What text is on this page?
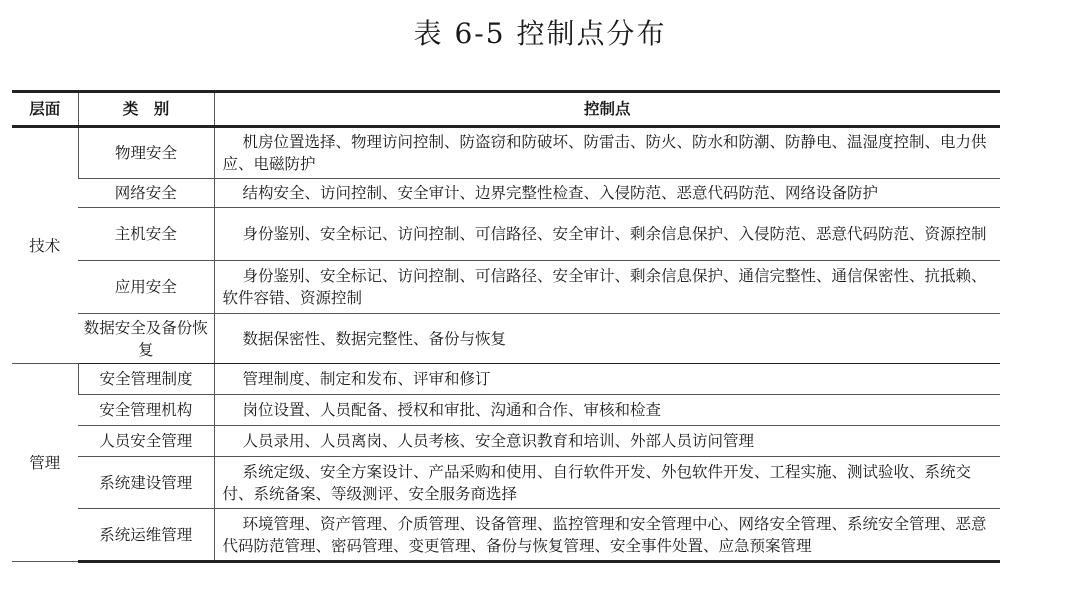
表 6-5 控制点分布
层面	类　别	控制点
技术	物理安全	机房位置选择、物理访问控制、防盗窃和防破坏、防雷击、防火、防水和防潮、防静电、温湿度控制、电力供应、电磁防护
	网络安全	结构安全、访问控制、安全审计、边界完整性检查、入侵防范、恶意代码防范、网络设备防护
	主机安全	身份鉴别、安全标记、访问控制、可信路径、安全审计、剩余信息保护、入侵防范、恶意代码防范、资源控制
	应用安全	身份鉴别、安全标记、访问控制、可信路径、安全审计、剩余信息保护、通信完整性、通信保密性、抗抵赖、软件容错、资源控制
	数据安全及备份恢复	数据保密性、数据完整性、备份与恢复
管理	安全管理制度	管理制度、制定和发布、评审和修订
	安全管理机构	岗位设置、人员配备、授权和审批、沟通和合作、审核和检查
	人员安全管理	人员录用、人员离岗、人员考核、安全意识教育和培训、外部人员访问管理
	系统建设管理	系统定级、安全方案设计、产品采购和使用、自行软件开发、外包软件开发、工程实施、测试验收、系统交付、系统备案、等级测评、安全服务商选择
	系统运维管理	环境管理、资产管理、介质管理、设备管理、监控管理和安全管理中心、网络安全管理、系统安全管理、恶意代码防范管理、密码管理、变更管理、备份与恢复管理、安全事件处置、应急预案管理
